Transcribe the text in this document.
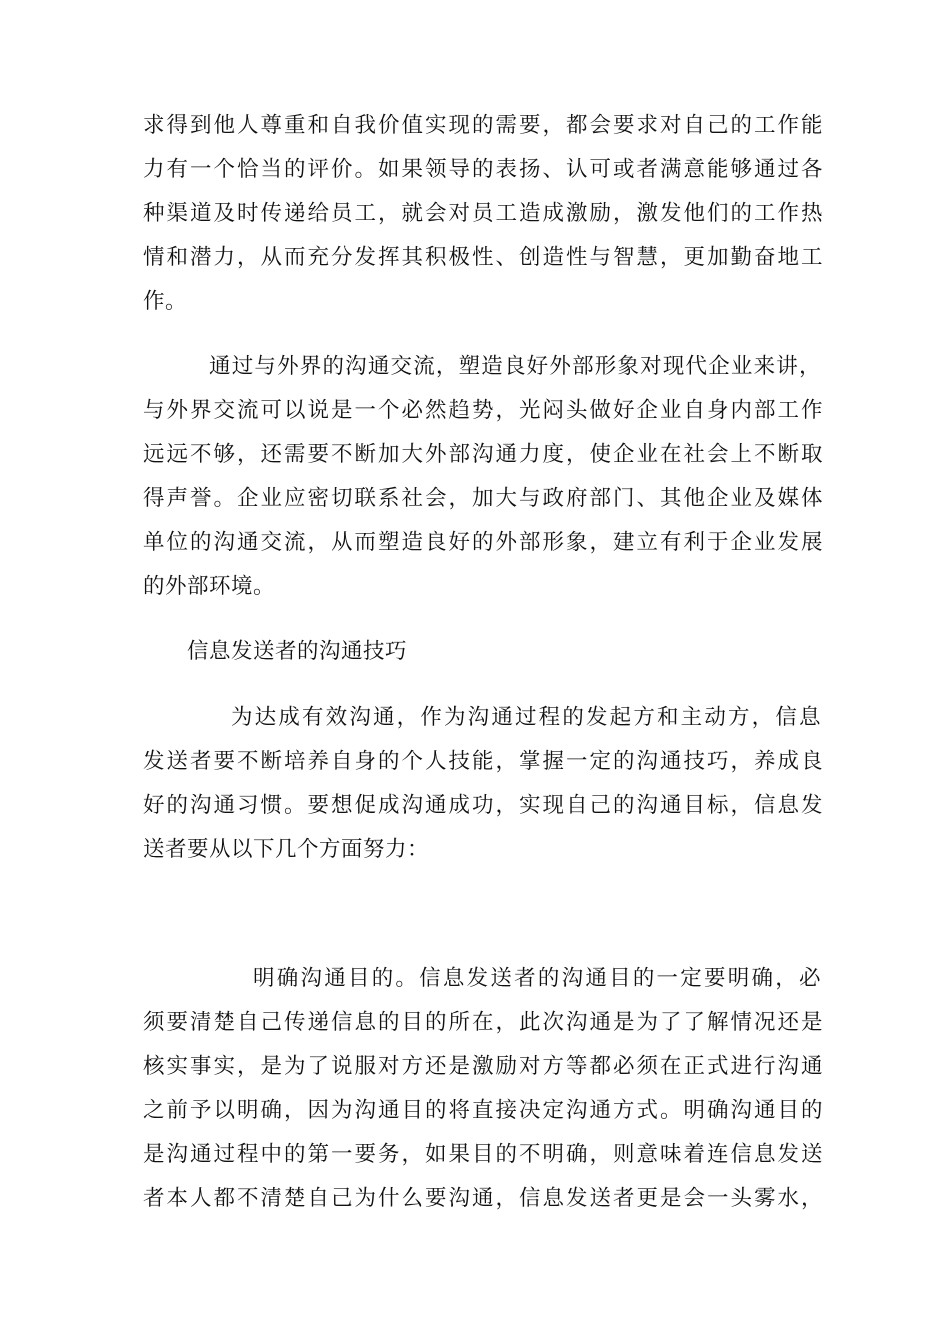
求得到他人尊重和自我价值实现的需要，都会要求对自己的工作能
力有一个恰当的评价。如果领导的表扬、认可或者满意能够通过各
种渠道及时传递给员工，就会对员工造成激励，激发他们的工作热
情和潜力，从而充分发挥其积极性、创造性与智慧，更加勤奋地工
作。
通过与外界的沟通交流，塑造良好外部形象对现代企业来讲，
与外界交流可以说是一个必然趋势，光闷头做好企业自身内部工作
远远不够，还需要不断加大外部沟通力度，使企业在社会上不断取
得声誉。企业应密切联系社会，加大与政府部门、其他企业及媒体
单位的沟通交流，从而塑造良好的外部形象，建立有利于企业发展
的外部环境。
信息发送者的沟通技巧
为达成有效沟通，作为沟通过程的发起方和主动方，信息
发送者要不断培养自身的个人技能，掌握一定的沟通技巧，养成良
好的沟通习惯。要想促成沟通成功，实现自己的沟通目标，信息发
送者要从以下几个方面努力：
明确沟通目的。信息发送者的沟通目的一定要明确，必
须要清楚自己传递信息的目的所在，此次沟通是为了了解情况还是
核实事实，是为了说服对方还是激励对方等都必须在正式进行沟通
之前予以明确，因为沟通目的将直接决定沟通方式。明确沟通目的
是沟通过程中的第一要务，如果目的不明确，则意味着连信息发送
者本人都不清楚自己为什么要沟通，信息发送者更是会一头雾水，
